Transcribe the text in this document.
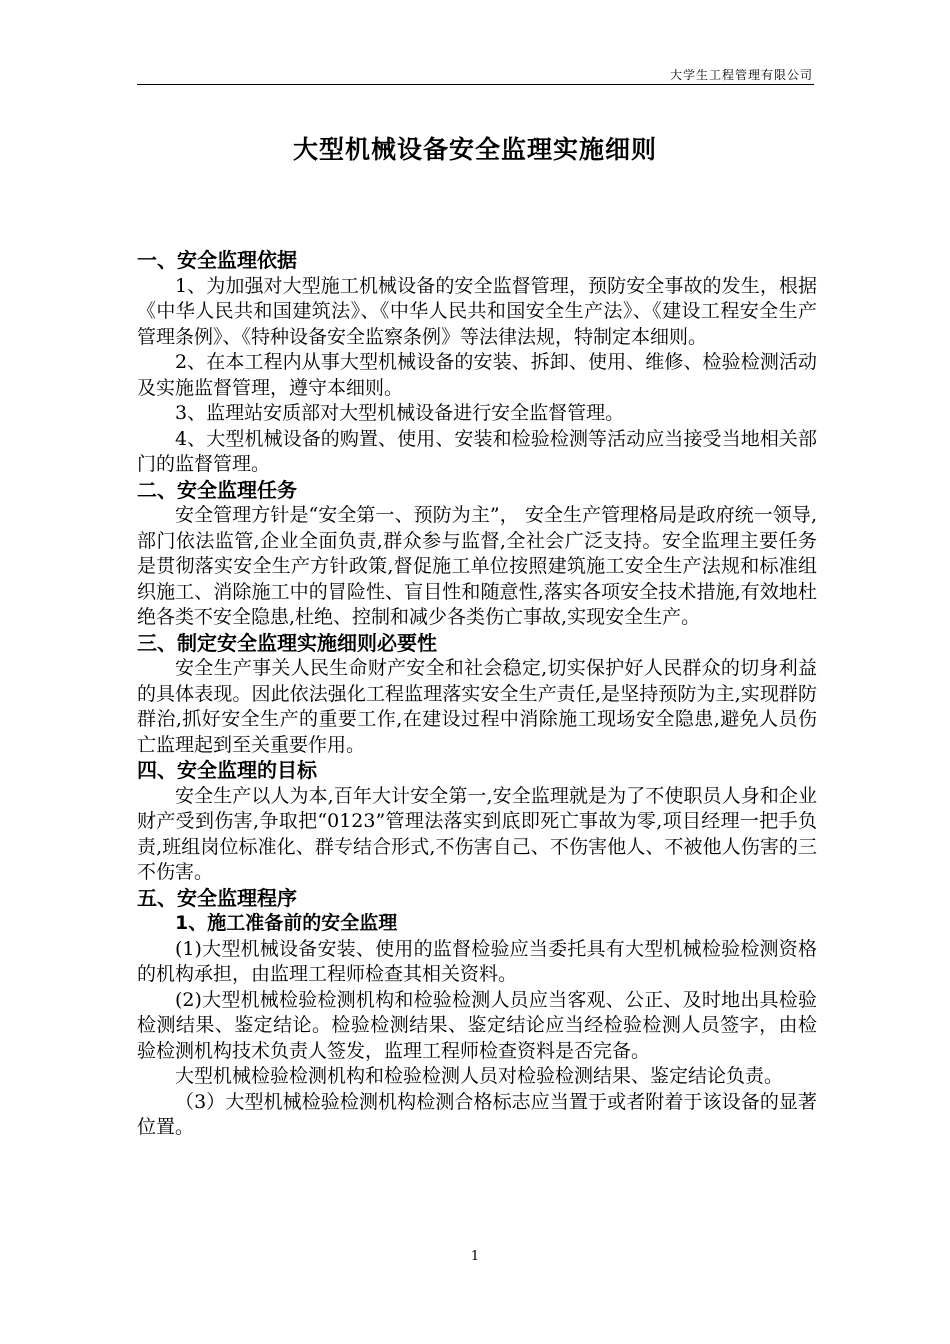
大学生工程管理有限公司
大型机械设备安全监理实施细则

一、安全监理依据

1、为加强对大型施工机械设备的安全监督管理，预防安全事故的发生，根据《中华人民共和国建筑法》、《中华人民共和国安全生产法》、《建设工程安全生产管理条例》、《特种设备安全监察条例》等法律法规，特制定本细则。

2、在本工程内从事大型机械设备的安装、拆卸、使用、维修、检验检测活动及实施监督管理，遵守本细则。

3、监理站安质部对大型机械设备进行安全监督管理。

4、大型机械设备的购置、使用、安装和检验检测等活动应当接受当地相关部门的监督管理。

二、安全监理任务

安全管理方针是“安全第一、预防为主”， 安全生产管理格局是政府统一领导,部门依法监管,企业全面负责,群众参与监督,全社会广泛支持。安全监理主要任务是贯彻落实安全生产方针政策,督促施工单位按照建筑施工安全生产法规和标准组织施工、消除施工中的冒险性、盲目性和随意性,落实各项安全技术措施,有效地杜绝各类不安全隐患,杜绝、控制和减少各类伤亡事故,实现安全生产。

三、制定安全监理实施细则必要性

安全生产事关人民生命财产安全和社会稳定,切实保护好人民群众的切身利益的具体表现。因此依法强化工程监理落实安全生产责任,是坚持预防为主,实现群防群治,抓好安全生产的重要工作,在建设过程中消除施工现场安全隐患,避免人员伤亡监理起到至关重要作用。

四、安全监理的目标

安全生产以人为本,百年大计安全第一,安全监理就是为了不使职员人身和企业财产受到伤害,争取把“0123”管理法落实到底即死亡事故为零,项目经理一把手负责,班组岗位标准化、群专结合形式,不伤害自己、不伤害他人、不被他人伤害的三不伤害。

五、安全监理程序

1、施工准备前的安全监理

(1)大型机械设备安装、使用的监督检验应当委托具有大型机械检验检测资格的机构承担，由监理工程师检查其相关资料。

(2)大型机械检验检测机构和检验检测人员应当客观、公正、及时地出具检验检测结果、鉴定结论。检验检测结果、鉴定结论应当经检验检测人员签字，由检验检测机构技术负责人签发，监理工程师检查资料是否完备。

大型机械检验检测机构和检验检测人员对检验检测结果、鉴定结论负责。

（3）大型机械检验检测机构检测合格标志应当置于或者附着于该设备的显著位置。

1
